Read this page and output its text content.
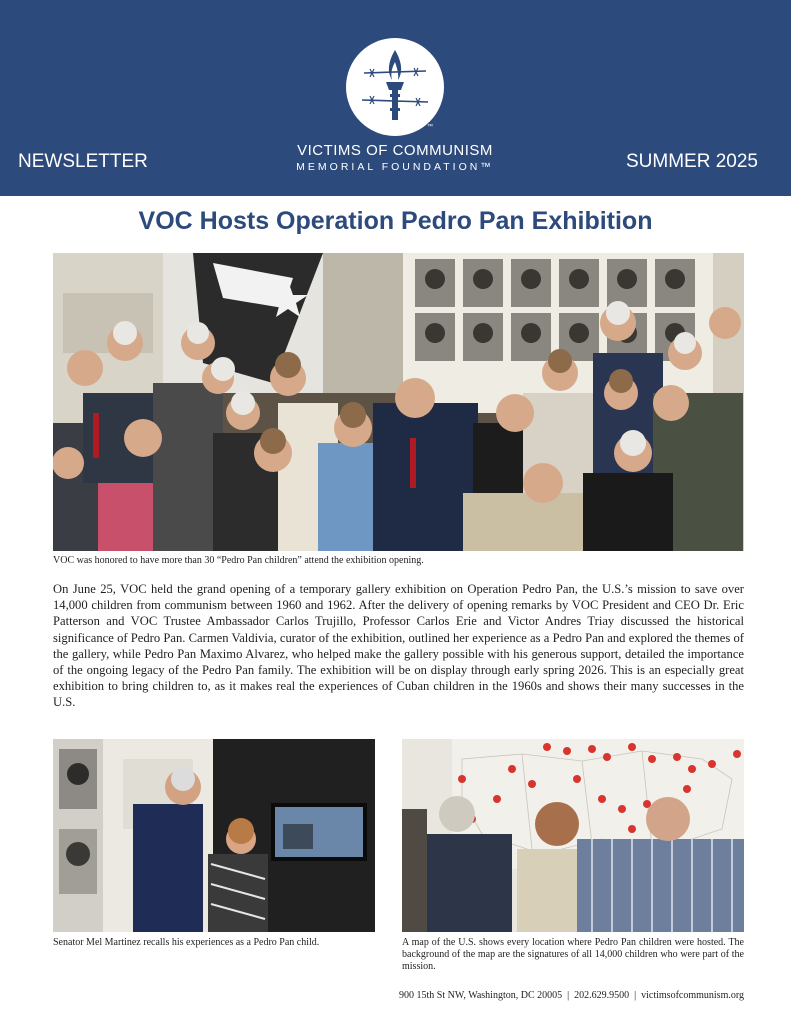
™
VICTIMS OF COMMUNISM
MEMORIAL FOUNDATION™
NEWSLETTER	SUMMER 2025
VOC Hosts Operation Pedro Pan Exhibition
VOC was honored to have more than 30 “Pedro Pan children” attend the exhibition opening.

On June 25, VOC held the grand opening of a temporary gallery exhibition on Operation Pedro Pan, the U.S.’s mission to save over 14,000 children from communism between 1960 and 1962. After the delivery of opening remarks by VOC President and CEO Dr. Eric Patterson and VOC Trustee Ambassador Carlos Trujillo, Professor Carlos Erie and Victor Andres Triay discussed the historical significance of Pedro Pan. Carmen Valdivia, curator of the exhibition, outlined her experience as a Pedro Pan and explored the themes of the gallery, while Pedro Pan Maximo Alvarez, who helped make the gallery possible with his generous support, detailed the importance of the ongoing legacy of the Pedro Pan family. The exhibition will be on display through early spring 2026. This is an especially great exhibition to bring children to, as it makes real the experiences of Cuban children in the 1960s and shows their many successes in the U.S.

Senator Mel Martinez recalls his experiences as a Pedro Pan child.	A map of the U.S. shows every location where Pedro Pan children were hosted. The background of the map are the signatures of all 14,000 children who were part of the mission.
900 15th St NW, Washington, DC 20005  |  202.629.9500  |  victimsofcommunism.org
